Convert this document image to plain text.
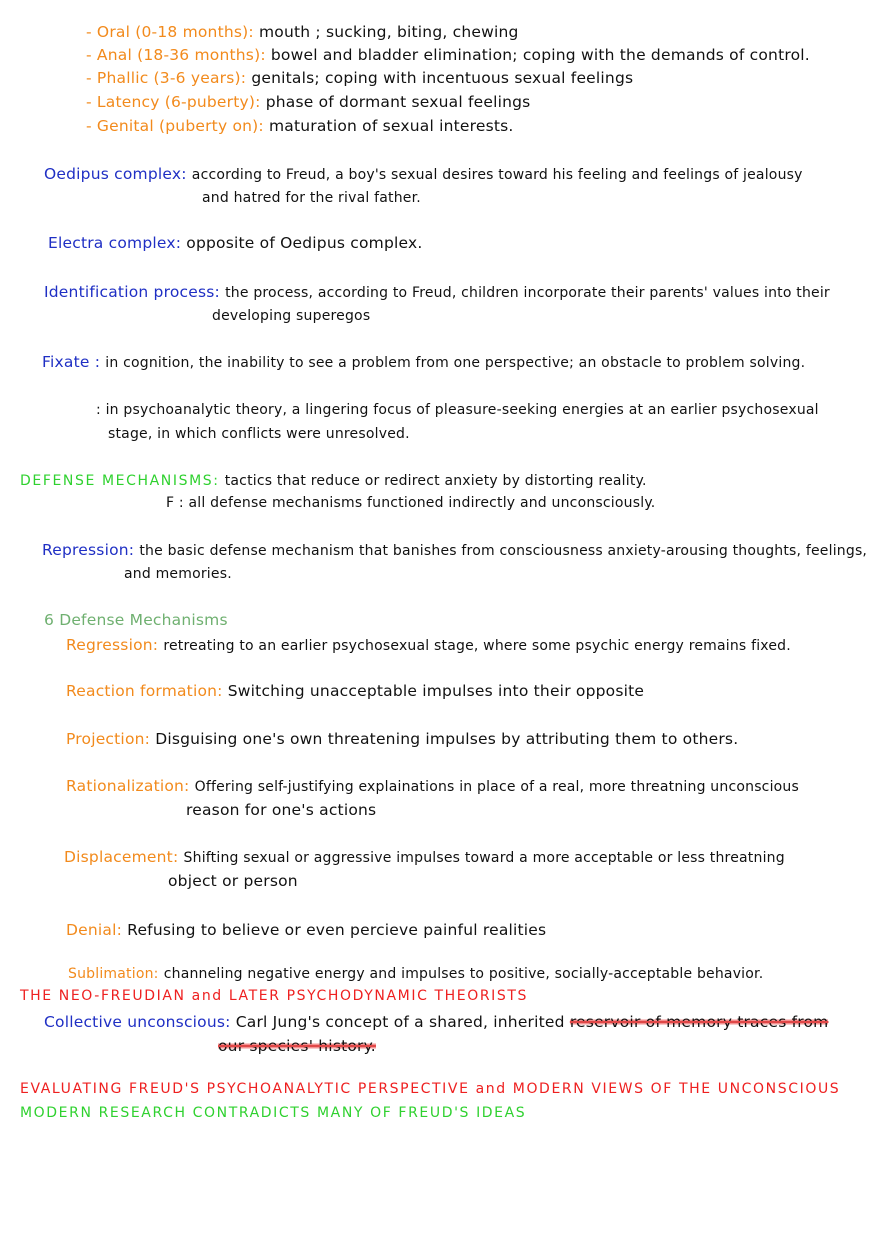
- Oral (0-18 months): mouth ; sucking, biting, chewing
- Anal (18-36 months): bowel and bladder elimination; coping with the demands of control.
- Phallic (3-6 years): genitals; coping with incentuous sexual feelings
- Latency (6-puberty): phase of dormant sexual feelings
- Genital (puberty on): maturation of sexual interests.
Oedipus complex: according to Freud, a boy's sexual desires toward his feeling and feelings of jealousy
and hatred for the rival father.
Electra complex: opposite of Oedipus complex.
Identification process: the process, according to Freud, children incorporate their parents' values into their
developing superegos
Fixate : in cognition, the inability to see a problem from one perspective; an obstacle to problem solving.
: in psychoanalytic theory, a lingering focus of pleasure-seeking energies at an earlier psychosexual
stage, in which conflicts were unresolved.
DEFENSE MECHANISMS: tactics that reduce or redirect anxiety by distorting reality.
F : all defense mechanisms functioned indirectly and unconsciously.
Repression: the basic defense mechanism that banishes from consciousness anxiety-arousing thoughts, feelings,
and memories.
6 Defense Mechanisms
Regression: retreating to an earlier psychosexual stage, where some psychic energy remains fixed.
Reaction formation: Switching unacceptable impulses into their opposite
Projection: Disguising one's own threatening impulses by attributing them to others.
Rationalization: Offering self-justifying explainations in place of a real, more threatning unconscious
reason for one's actions
Displacement: Shifting sexual or aggressive impulses toward a more acceptable or less threatning
object or person
Denial: Refusing to believe or even percieve painful realities
Sublimation: channeling negative energy and impulses to positive, socially-acceptable behavior.
THE NEO-FREUDIAN and LATER PSYCHODYNAMIC THEORISTS
Collective unconscious: Carl Jung's concept of a shared, inherited reservoir of memory traces from
our species' history.
EVALUATING FREUD'S PSYCHOANALYTIC PERSPECTIVE and MODERN VIEWS OF THE UNCONSCIOUS
MODERN RESEARCH CONTRADICTS MANY OF FREUD'S IDEAS
